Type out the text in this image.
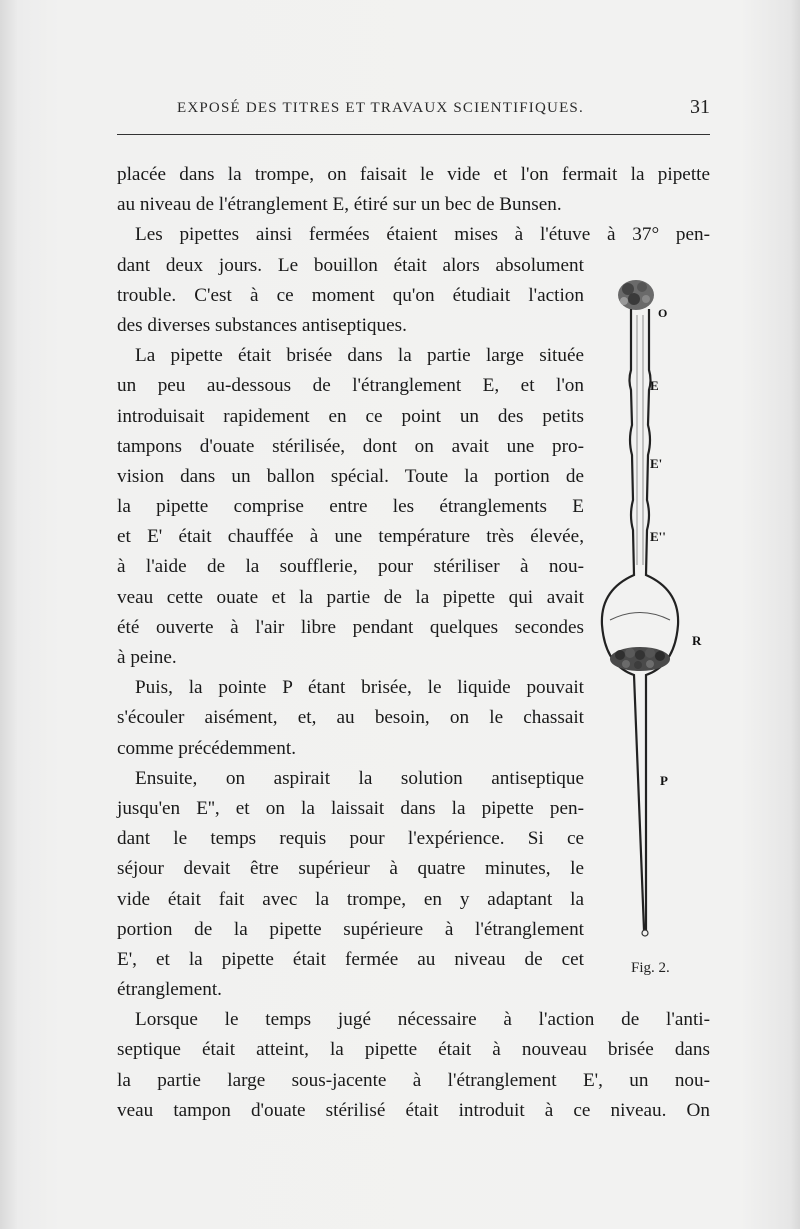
EXPOSÉ DES TITRES ET TRAVAUX SCIENTIFIQUES.	31
placée dans la trompe, on faisait le vide et l'on fermait la pipette
au niveau de l'étranglement E, étiré sur un bec de Bunsen.
Les pipettes ainsi fermées étaient mises à l'étuve à 37° pen-
dant deux jours. Le bouillon était alors absolument
trouble. C'est à ce moment qu'on étudiait l'action
des diverses substances antiseptiques.
La pipette était brisée dans la partie large située
un peu au-dessous de l'étranglement E, et l'on
introduisait rapidement en ce point un des petits
tampons d'ouate stérilisée, dont on avait une pro-
vision dans un ballon spécial. Toute la portion de
la pipette comprise entre les étranglements E
et E' était chauffée à une température très élevée,
à l'aide de la soufflerie, pour stériliser à nou-
veau cette ouate et la partie de la pipette qui avait
été ouverte à l'air libre pendant quelques secondes
à peine.
Puis, la pointe P étant brisée, le liquide pouvait
s'écouler aisément, et, au besoin, on le chassait
comme précédemment.
Ensuite, on aspirait la solution antiseptique
jusqu'en E'', et on la laissait dans la pipette pen-
dant le temps requis pour l'expérience. Si ce
séjour devait être supérieur à quatre minutes, le
vide était fait avec la trompe, en y adaptant la
portion de la pipette supérieure à l'étranglement
E', et la pipette était fermée au niveau de cet
étranglement.
Lorsque le temps jugé nécessaire à l'action de l'anti-
septique était atteint, la pipette était à nouveau brisée dans
la partie large sous-jacente à l'étranglement E', un nou-
veau tampon d'ouate stérilisé était introduit à ce niveau. On
O
E
E'
E''
R
P
Fig. 2.
